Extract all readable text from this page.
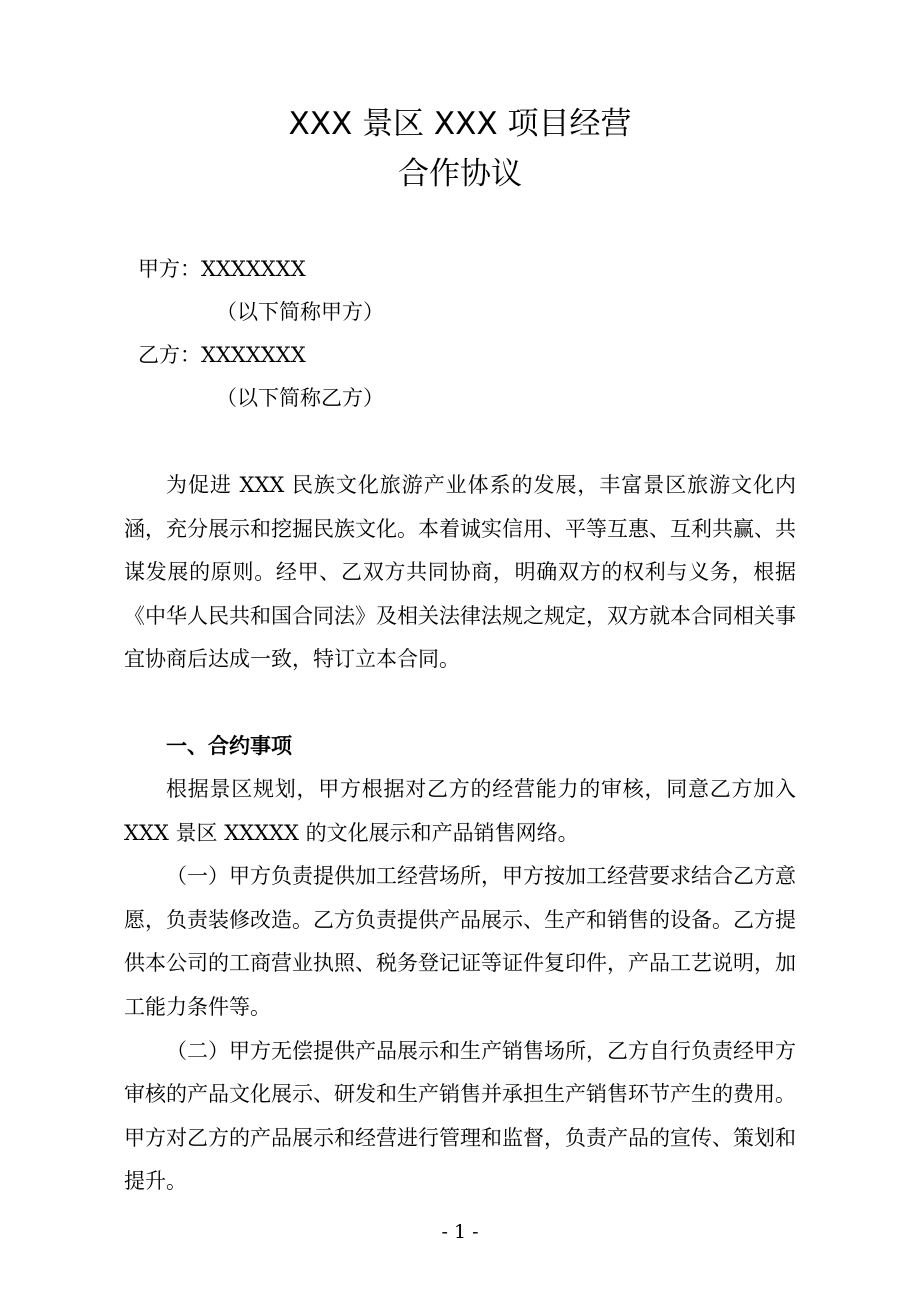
XXX 景区 XXX 项目经营
合作协议
甲方：XXXXXXX
（以下简称甲方）
乙方：XXXXXXX
（以下简称乙方）

为促进 XXX 民族文化旅游产业体系的发展，丰富景区旅游文化内涵，充分展示和挖掘民族文化。本着诚实信用、平等互惠、互利共赢、共谋发展的原则。经甲、乙双方共同协商，明确双方的权利与义务，根据《中华人民共和国合同法》及相关法律法规之规定，双方就本合同相关事宜协商后达成一致，特订立本合同。

一、合约事项

根据景区规划，甲方根据对乙方的经营能力的审核，同意乙方加入 XXX 景区 XXXXX 的文化展示和产品销售网络。

（一）甲方负责提供加工经营场所，甲方按加工经营要求结合乙方意愿，负责装修改造。乙方负责提供产品展示、生产和销售的设备。乙方提供本公司的工商营业执照、税务登记证等证件复印件，产品工艺说明，加工能力条件等。

（二）甲方无偿提供产品展示和生产销售场所，乙方自行负责经甲方审核的产品文化展示、研发和生产销售并承担生产销售环节产生的费用。甲方对乙方的产品展示和经营进行管理和监督，负责产品的宣传、策划和提升。

- 1 -
